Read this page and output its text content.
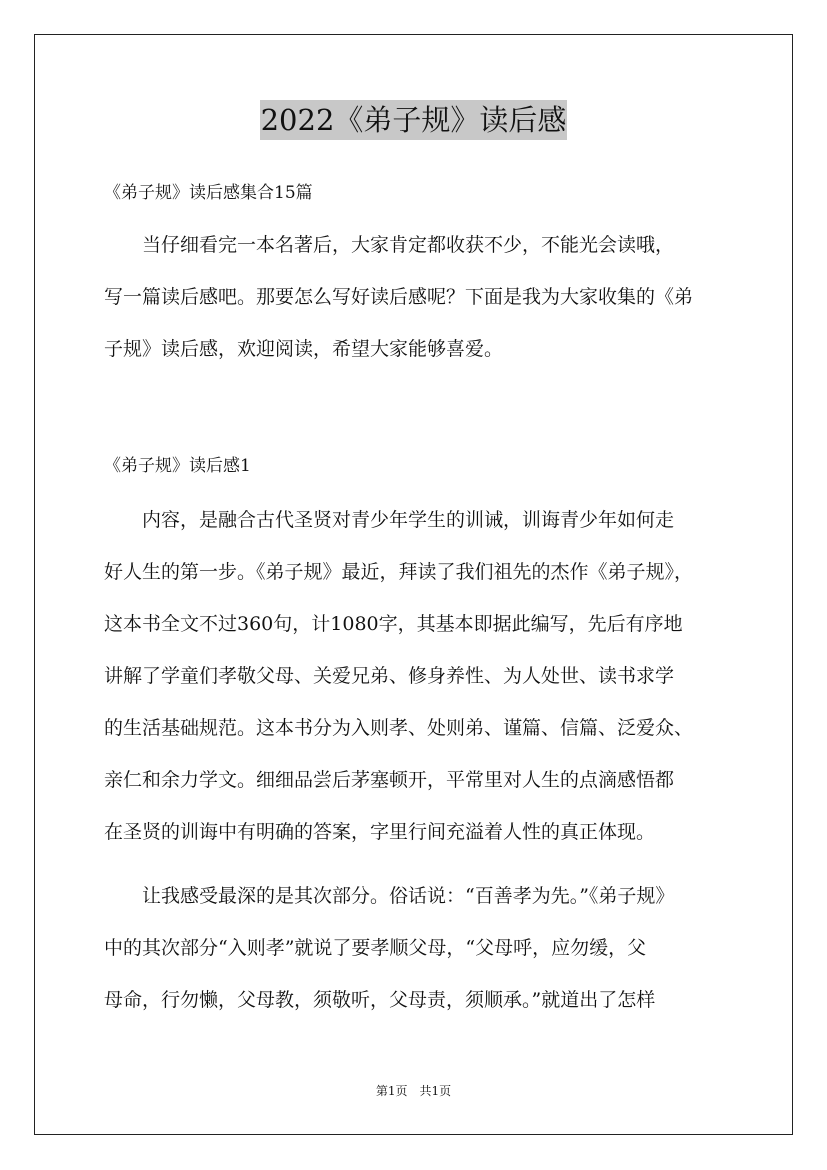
2022《弟子规》读后感
《弟子规》读后感集合15篇
　　当仔细看完一本名著后，大家肯定都收获不少，不能光会读哦，
写一篇读后感吧。那要怎么写好读后感呢？下面是我为大家收集的《弟
子规》读后感，欢迎阅读，希望大家能够喜爱。
《弟子规》读后感1
　　内容，是融合古代圣贤对青少年学生的训诫，训诲青少年如何走
好人生的第一步。《弟子规》最近，拜读了我们祖先的杰作《弟子规》，
这本书全文不过360句，计1080字，其基本即据此编写，先后有序地
讲解了学童们孝敬父母、关爱兄弟、修身养性、为人处世、读书求学
的生活基础规范。这本书分为入则孝、处则弟、谨篇、信篇、泛爱众、
亲仁和余力学文。细细品尝后茅塞顿开，平常里对人生的点滴感悟都
在圣贤的训诲中有明确的答案，字里行间充溢着人性的真正体现。
　　让我感受最深的是其次部分。俗话说：“百善孝为先。”《弟子规》
中的其次部分“入则孝”就说了要孝顺父母，“父母呼，应勿缓，父
母命，行勿懒，父母教，须敬听，父母责，须顺承。”就道出了怎样
第1页　共1页
